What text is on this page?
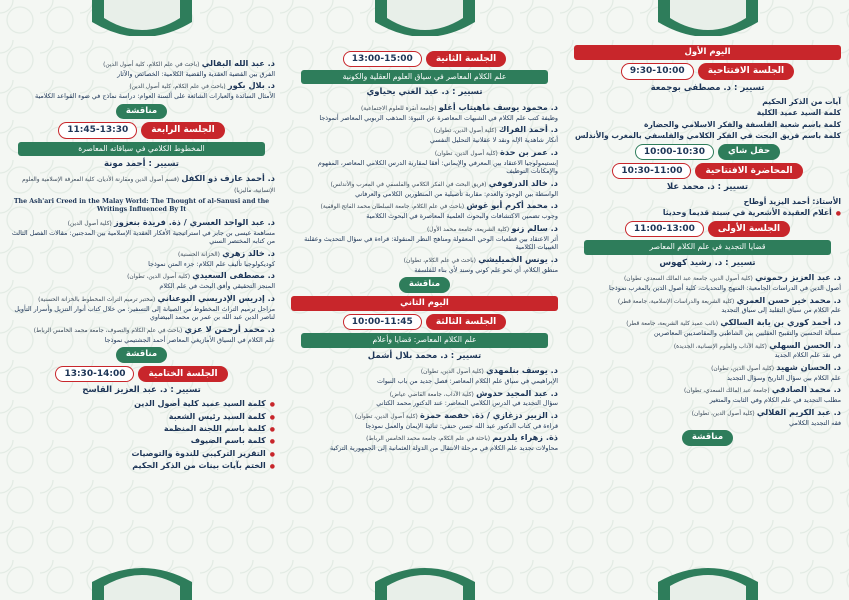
اليوم الأول
الجلسة الافتتاحية
9:30-10:00
تسيير : د. مصطفى بوجمعة
آيات من الذكر الحكيم
كلمة السيد عميد الكلية
كلمة باسم شعبة الفلسفة والفكر الاسلامي والحضارة
كلمة باسم فريق البحث في الفكر الكلامي والفلسفي بالمغرب والأندلس
حفل شاي
10:00-10:30
المحاضرة الافتتاحية
10:30-11:00
تسيير : د. محمد علا
الأستاذ: أحمد اليزيد أوطاح
● أعلام العقيدة الأشعرية في سبتة قديما وحديثا
الجلسة الأولى
11:00-13:00
قضايا التجديد في علم الكلام المعاصر
تسيير : د. رشيد كهوس
د. عبد العزيز رحموني (كلية أصول الدين، جامعة عبد المالك السعدي، تطوان)
أصول الدين في الدراسات الجامعية: المنهج والتحديات، كلية أصول الدين بالمغرب نموذجا
د. محمد خير حسن العمري (كلية الشريعة والدراسات الإسلامية، جامعة قطر)
علم الكلام من سياق التقليد إلى سياق التجديد
د. أحمد كوري بن يابة السالكي (نائب عميد كلية الشريعة، جامعة قطر)
مسألة التحسين والتقبيح العقليين بين الشاطبي والمقاصديين المعاصرين
د. الحسن السهلي (كلية الآداب والعلوم الإنسانية، الجديدة)
في نقد علم الكلام الجديد
د. الحسان شهيد (كلية أصول الدين، تطوان)
علم الكلام بين سؤال التاريخ وسؤال التجديد
د. محمد الصادقي (جامعة عبد المالك السعدي، تطوان)
مطلب التجديد في علم الكلام وفي الثابت والمتغير
د. عبد الكريم القلالي (كلية أصول الدين، تطوان)
فقه التجديد الكلامي
مناقشة
الجلسة الثانية
13:00-15:00
علم الكلام المعاصر في سياق العلوم العقلية والكونية
تسيير : د. عبد الغني يحياوي
د. محمود يوسف ماهيتاب أغلو (جامعة أنقرة للعلوم الاجتماعية)
وظيفة كتب علم الكلام في الشبهات المعاصرة عن النبوة: المذهب الربوبي المعاصر أنموذجا
د. أحمد الفراك (كلية أصول الدين، تطوان)
أنكار شاهدية الإله ونقد لا عقلانية التحليل النفسي
د. عمر بن حدة (كلية أصول الدين، تطوان)
إبستيمولوجيا الاعتقاد بين المعرفي والإيماني: أفقا لمقاربة الدرس الكلامي المعاصر، المفهوم والإمكانات التوظيف
د. خالد الدرفوفي (فريق البحث في الفكر الكلامي والفلسفي في المغرب والأندلس)
الواسطة بين الوجود والعدم: مقاربة تأصيلية من المنظورين الكلامي والعرفاني
د. محمد أكرم أبو غوش (باحث في علم الكلام، جامعة السلطان محمد الفاتح الوقفية)
وجوب تضمين الاكتشافات والبحوث العلمية المعاصرة في البحوث الكلامية
د. سالم زنو (كلية الشريعة، جامعة محمد الأول)
أثر الاعتقاد بين قطعيات الوحي المعقولة ومناهج النظر المنقولة: قراءة في سؤال التحديث وعقلنة الغيبيات الكلامية
د. يونس الخميليشي (باحث في علم الكلام، تطوان)
منطق الكلام، أي نحو علم كوني وسند لأي بناء للفلسفة
مناقشة
اليوم الثاني
الجلسة الثالثة
10:00-11:45
علم الكلام المعاصر: قضايا وأعلام
تسيير : د. محمد بلال أشمل
د. يوسف بنلمهدي (كلية أصول الدين، تطوان)
الإبراهيمي في سياق علم الكلام المعاصر: فصل جديد من باب النبوات
د. عبد المجيد حدوش (كلية الآداب، جامعة القاضي عياض)
سؤال التجديد في الدرس الكلامي المعاصر: عند الدكتور محمد الكتاني
د. الزبير دزغازي / ذة. حفصة حمزة (كلية أصول الدين، تطوان)
قراءة في كتاب الدكتور عبد الله حسن حنفي: ثنائية الإيمان والعمل نموذجا
ذة. زهراء يلدريم (باحثة في علم الكلام، جامعة محمد الخامس الرباط)
محاولات تجديد علم الكلام في مرحلة الانتقال من الدولة العثمانية إلى الجمهورية التركية
د. عبد الله البقالي (باحث في علم الكلام، كلية أصول الدين)
الفرق بين القضية العقدية والقضية الكلامية: الخصائص والآثار
د. بلال بكور (باحث في علم الكلام، كلية أصول الدين)
الأمثال السائدة والعبارات الشائعة على ألسنة العوام: دراسة نماذج في ضوء القواعد الكلامية
مناقشة
الجلسة الرابعة
11:45-13:30
المخطوط الكلامي في سياقاته المعاصرة
تسيير : أحمد مونة
د. أحمد عارف ذو الكفل (قسم أصول الدين ومقارنة الأديان، كلية المعرفة الإسلامية والعلوم الإنسانية، ماليزيا)
The Ash'ari Creed in the Malay World: The Thought of al-Sanusi and the Writings Influenced By It
د. عبد الواحد العسري / ذة. فريدة بنعزوز (كلية أصول الدين)
مساهمة عيسى بن جابر في استراتيجية الأفكار العقدية الإسلامية بين المدجنين: مقالات الفصل الثالث من كتابه المختصر السني
د. خالد زهري (الخزانة الحسنية)
كوديكولوجيا تأليف علم الكلام: جزء المتن نموذجا
د. مصطفى السعيدي (كلية أصول الدين، تطوان)
المنجز التحقيقي وأفق البحث في علم الكلام
د. إدريس الإدريسي البوعناني (مختبر ترميم التراث المخطوط بالخزانة الحسنية)
مراحل ترميم التراث المخطوط من الصيانة إلى التسفير: من خلال كتاب أنوار التنزيل وأسرار التأويل لناصر الدين عبد الله بن عمر بن محمد البيضاوي
د. محمد أرحمن لا عزي (باحث في علم الكلام والتصوف، جامعة محمد الخامس الرباط)
علم الكلام في السياق الأمازيغي المعاصر أحمد الجشتيمي نموذجا
مناقشة
الجلسة الختامية
13:30-14:00
تسيير : د. عبد العزيز القاسح
● كلمة السيد عميد كلية أصول الدين
● كلمة السيد رئيس الشعبة
● كلمة باسم اللجنة المنظمة
● كلمة باسم الضيوف
● التقرير التركيبي للندوة والتوصيات
● الختم بآيات بينات من الذكر الحكيم
